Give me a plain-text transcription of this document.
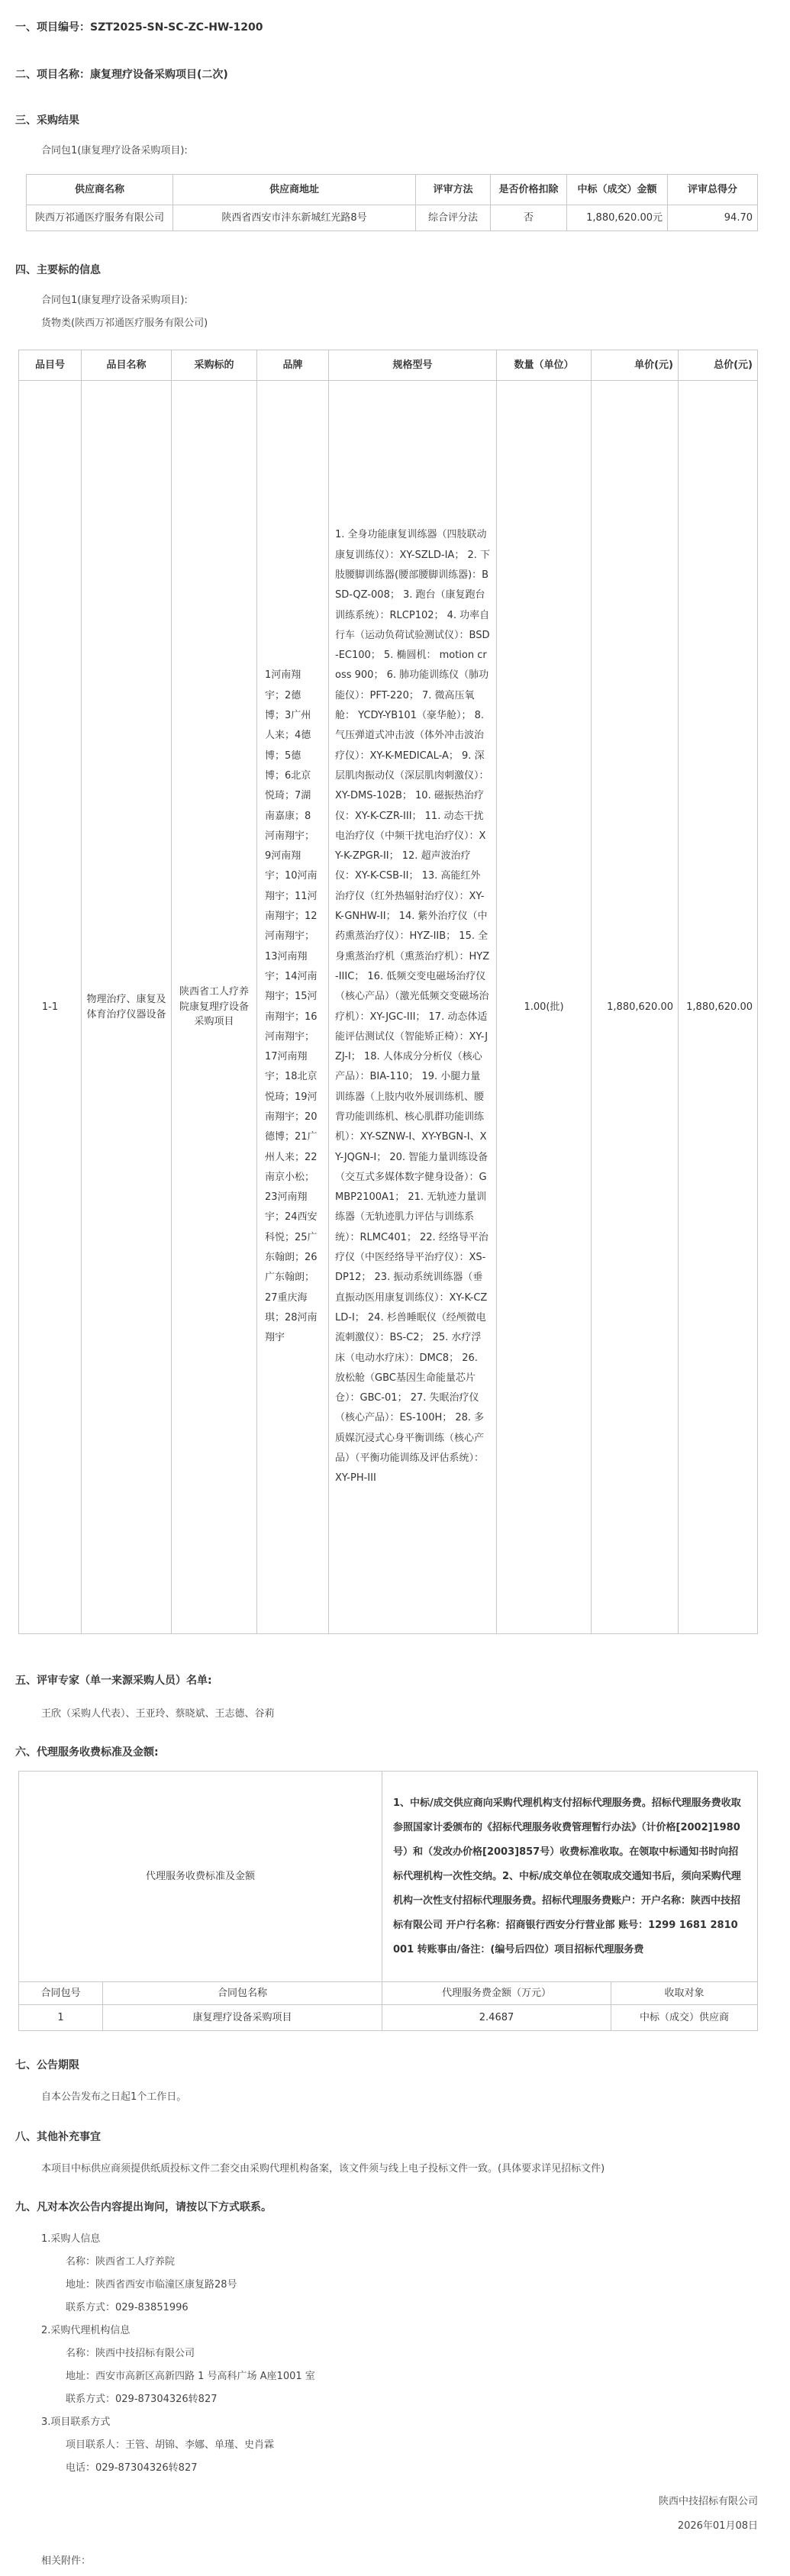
一、项目编号：SZT2025-SN-SC-ZC-HW-1200
二、项目名称：康复理疗设备采购项目(二次)
三、采购结果
合同包1(康复理疗设备采购项目):
供应商名称	供应商地址	评审方法	是否价格扣除	中标（成交）金额	评审总得分
陕西万祁通医疗服务有限公司	陕西省西安市沣东新城红光路8号	综合评分法	否	1,880,620.00元	94.70
四、主要标的信息
合同包1(康复理疗设备采购项目):
货物类(陕西万祁通医疗服务有限公司)
品目号	品目名称	采购标的	品牌	规格型号	数量（单位）	单价(元)	总价(元)
1-1	物理治疗、康复及体育治疗仪器设备	陕西省工人疗养院康复理疗设备采购项目	1河南翔宇；2德博；3广州人来；4德博；5德博；6北京悦琦；7湖南嘉康；8河南翔宇；9河南翔宇；10河南翔宇；11河南翔宇；12河南翔宇；13河南翔宇；14河南翔宇；15河南翔宇；16河南翔宇；17河南翔宇；18北京悦琦；19河南翔宇；20德博；21广州人来；22南京小松；23河南翔宇；24西安科悦；25广东翰朗；26广东翰朗；27重庆海琪；28河南翔宇	1. 全身功能康复训练器（四肢联动康复训练仪）：XY-SZLD-IA； 2. 下肢腰脚训练器(腰部腰脚训练器)：BSD-QZ-008； 3. 跑台（康复跑台训练系统）：RLCP102； 4. 功率自行车（运动负荷试验测试仪）：BSD-EC100； 5. 椭圆机： motion cross 900； 6. 肺功能训练仪（肺功能仪）：PFT-220； 7. 微高压氧舱： YCDY-YB101（豪华舱）； 8. 气压弹道式冲击波（体外冲击波治疗仪）：XY-K-MEDICAL-A； 9. 深层肌肉振动仪（深层肌肉刺激仪）：XY-DMS-102B； 10. 磁振热治疗仪：XY-K-CZR-III； 11. 动态干扰电治疗仪（中频干扰电治疗仪）：XY-K-ZPGR-II； 12. 超声波治疗仪：XY-K-CSB-II； 13. 高能红外治疗仪（红外热辐射治疗仪）：XY-K-GNHW-II； 14. 紫外治疗仪（中药熏蒸治疗仪）：HYZ-IIB； 15. 全身熏蒸治疗机（熏蒸治疗机）：HYZ-IIIC； 16. 低频交变电磁场治疗仪（核心产品）（激光低频交变磁场治疗机）：XY-JGC-III； 17. 动态体适能评估测试仪（智能矫正椅）：XY-JZJ-I； 18. 人体成分分析仪（核心产品）：BIA-110； 19. 小腿力量训练器（上肢内收外展训练机、腰背功能训练机、核心肌群功能训练机）：XY-SZNW-I、XY-YBGN-I、XY-JQGN-I； 20. 智能力量训练设备（交互式多媒体数字健身设备）：GMBP2100A1； 21. 无轨迹力量训练器（无轨迹肌力评估与训练系统）：RLMC401； 22. 经络导平治疗仪（中医经络导平治疗仪）：XS-DP12； 23. 振动系统训练器（垂直振动医用康复训练仪）：XY-K-CZLD-I； 24. 杉兽睡眠仪（经颅微电流刺激仪）：BS-C2； 25. 水疗浮床（电动水疗床）：DMC8； 26. 放松舱（GBC基因生命能量芯片仓）：GBC-01； 27. 失眠治疗仪（核心产品）：ES-100H； 28. 多质媒沉浸式心身平衡训练（核心产品）（平衡功能训练及评估系统）：XY-PH-III	1.00(批)	1,880,620.00	1,880,620.00
五、评审专家（单一来源采购人员）名单:
王欣（采购人代表）、王亚玲、蔡晓斌、王志德、谷莉
六、代理服务收费标准及金额:
代理服务收费标准及金额		1、中标/成交供应商向采购代理机构支付招标代理服务费。招标代理服务费收取参照国家计委颁布的《招标代理服务收费管理暂行办法》（计价格[2002]1980号）和（发改办价格[2003]857号）收费标准收取。在领取中标通知书时向招标代理机构一次性交纳。2、中标/成交单位在领取成交通知书后，须向采购代理机构一次性支付招标代理服务费。招标代理服务费账户：开户名称：陕西中技招标有限公司 开户行名称：招商银行西安分行营业部 账号：1299 1681 2810 001 转账事由/备注：(编号后四位）项目招标代理服务费	
合同包号	合同包名称	代理服务费金额（万元）	收取对象
1	康复理疗设备采购项目	2.4687	中标（成交）供应商
七、公告期限
自本公告发布之日起1个工作日。
八、其他补充事宜
本项目中标供应商须提供纸质投标文件二套交由采购代理机构备案，该文件须与线上电子投标文件一致。(具体要求详见招标文件)
九、凡对本次公告内容提出询问，请按以下方式联系。
1.采购人信息
名称：陕西省工人疗养院
地址：陕西省西安市临潼区康复路28号
联系方式：029-83851996
2.采购代理机构信息
名称：陕西中技招标有限公司
地址：西安市高新区高新四路 1 号高科广场 A座1001 室
联系方式：029-87304326转827
3.项目联系方式
项目联系人：王管、胡锦、李娜、单瑾、史肖霖
电话：029-87304326转827
陕西中技招标有限公司
2026年01月08日
相关附件：
